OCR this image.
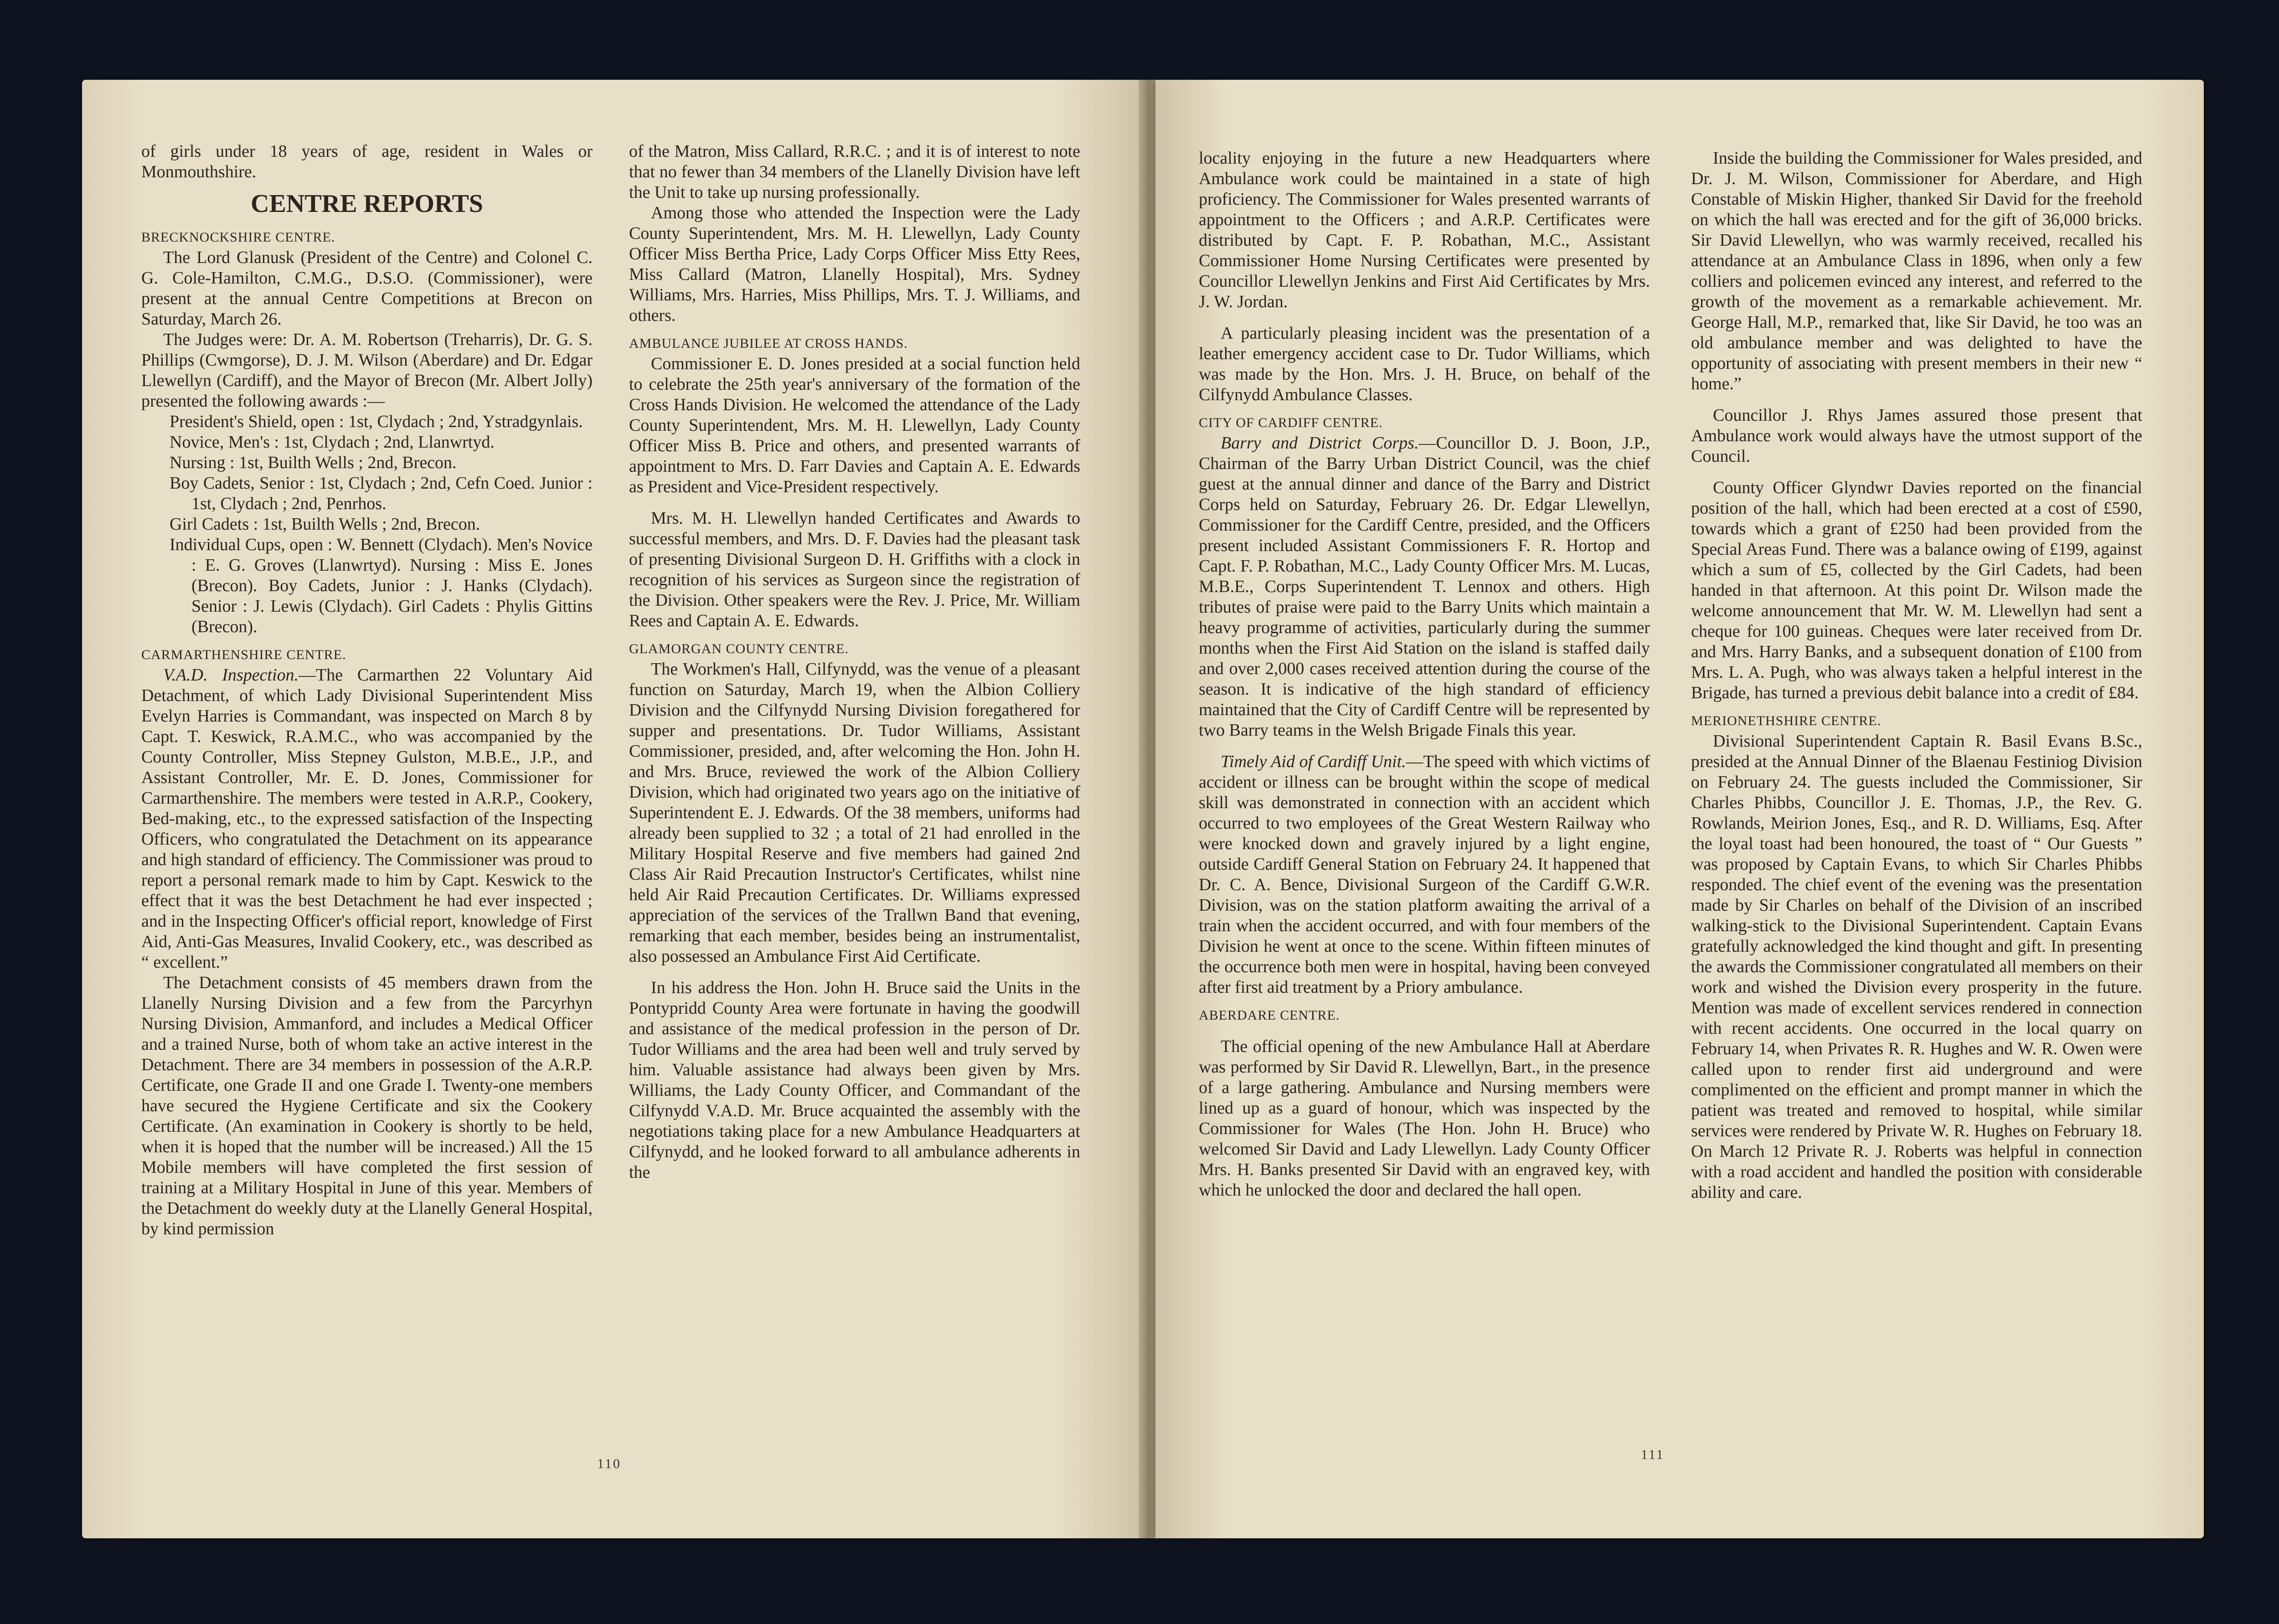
of girls under 18 years of age, resident in Wales or Monmouthshire.

CENTRE REPORTS

BRECKNOCKSHIRE CENTRE.

The Lord Glanusk (President of the Centre) and Colonel C. G. Cole-Hamilton, C.M.G., D.S.O. (Commissioner), were present at the annual Centre Competitions at Brecon on Saturday, March 26.

The Judges were: Dr. A. M. Robertson (Treharris), Dr. G. S. Phillips (Cwmgorse), D. J. M. Wilson (Aberdare) and Dr. Edgar Llewellyn (Cardiff), and the Mayor of Brecon (Mr. Albert Jolly) presented the following awards :—

President's Shield, open : 1st, Clydach ; 2nd, Ystradgynlais.

Novice, Men's : 1st, Clydach ; 2nd, Llanwrtyd.

Nursing : 1st, Builth Wells ; 2nd, Brecon.

Boy Cadets, Senior : 1st, Clydach ; 2nd, Cefn Coed. Junior : 1st, Clydach ; 2nd, Penrhos.

Girl Cadets : 1st, Builth Wells ; 2nd, Brecon.

Individual Cups, open : W. Bennett (Clydach). Men's Novice : E. G. Groves (Llanwrtyd). Nursing : Miss E. Jones (Brecon). Boy Cadets, Junior : J. Hanks (Clydach). Senior : J. Lewis (Clydach). Girl Cadets : Phylis Gittins (Brecon).

CARMARTHENSHIRE CENTRE.

V.A.D. Inspection.—The Carmarthen 22 Voluntary Aid Detachment, of which Lady Divisional Superintendent Miss Evelyn Harries is Commandant, was inspected on March 8 by Capt. T. Keswick, R.A.M.C., who was accompanied by the County Controller, Miss Stepney Gulston, M.B.E., J.P., and Assistant Controller, Mr. E. D. Jones, Commissioner for Carmarthenshire. The members were tested in A.R.P., Cookery, Bed-making, etc., to the expressed satisfaction of the Inspecting Officers, who congratulated the Detachment on its appearance and high standard of efficiency. The Commissioner was proud to report a personal remark made to him by Capt. Keswick to the effect that it was the best Detachment he had ever inspected ; and in the Inspecting Officer's official report, knowledge of First Aid, Anti-Gas Measures, Invalid Cookery, etc., was described as “ excellent.”

The Detachment consists of 45 members drawn from the Llanelly Nursing Division and a few from the Parcyrhyn Nursing Division, Ammanford, and includes a Medical Officer and a trained Nurse, both of whom take an active interest in the Detachment. There are 34 members in possession of the A.R.P. Certificate, one Grade II and one Grade I. Twenty-one members have secured the Hygiene Certificate and six the Cookery Certificate. (An examination in Cookery is shortly to be held, when it is hoped that the number will be increased.) All the 15 Mobile members will have completed the first session of training at a Military Hospital in June of this year. Members of the Detachment do weekly duty at the Llanelly General Hospital, by kind permission

of the Matron, Miss Callard, R.R.C. ; and it is of interest to note that no fewer than 34 members of the Llanelly Division have left the Unit to take up nursing professionally.

Among those who attended the Inspection were the Lady County Superintendent, Mrs. M. H. Llewellyn, Lady County Officer Miss Bertha Price, Lady Corps Officer Miss Etty Rees, Miss Callard (Matron, Llanelly Hospital), Mrs. Sydney Williams, Mrs. Harries, Miss Phillips, Mrs. T. J. Williams, and others.

AMBULANCE JUBILEE AT CROSS HANDS.

Commissioner E. D. Jones presided at a social function held to celebrate the 25th year's anniversary of the formation of the Cross Hands Division. He welcomed the attendance of the Lady County Superintendent, Mrs. M. H. Llewellyn, Lady County Officer Miss B. Price and others, and presented warrants of appointment to Mrs. D. Farr Davies and Captain A. E. Edwards as President and Vice-President respectively.

Mrs. M. H. Llewellyn handed Certificates and Awards to successful members, and Mrs. D. F. Davies had the pleasant task of presenting Divisional Surgeon D. H. Griffiths with a clock in recognition of his services as Surgeon since the registration of the Division. Other speakers were the Rev. J. Price, Mr. William Rees and Captain A. E. Edwards.

GLAMORGAN COUNTY CENTRE.

The Workmen's Hall, Cilfynydd, was the venue of a pleasant function on Saturday, March 19, when the Albion Colliery Division and the Cilfynydd Nursing Division foregathered for supper and presentations. Dr. Tudor Williams, Assistant Commissioner, presided, and, after welcoming the Hon. John H. and Mrs. Bruce, reviewed the work of the Albion Colliery Division, which had originated two years ago on the initiative of Superintendent E. J. Edwards. Of the 38 members, uniforms had already been supplied to 32 ; a total of 21 had enrolled in the Military Hospital Reserve and five members had gained 2nd Class Air Raid Precaution Instructor's Certificates, whilst nine held Air Raid Precaution Certificates. Dr. Williams expressed appreciation of the services of the Trallwn Band that evening, remarking that each member, besides being an instrumentalist, also possessed an Ambulance First Aid Certificate.

In his address the Hon. John H. Bruce said the Units in the Pontypridd County Area were fortunate in having the goodwill and assistance of the medical profession in the person of Dr. Tudor Williams and the area had been well and truly served by him. Valuable assistance had always been given by Mrs. Williams, the Lady County Officer, and Commandant of the Cilfynydd V.A.D. Mr. Bruce acquainted the assembly with the negotiations taking place for a new Ambulance Headquarters at Cilfynydd, and he looked forward to all ambulance adherents in the

110

locality enjoying in the future a new Headquarters where Ambulance work could be maintained in a state of high proficiency. The Commissioner for Wales presented warrants of appointment to the Officers ; and A.R.P. Certificates were distributed by Capt. F. P. Robathan, M.C., Assistant Commissioner Home Nursing Certificates were presented by Councillor Llewellyn Jenkins and First Aid Certificates by Mrs. J. W. Jordan.

A particularly pleasing incident was the presentation of a leather emergency accident case to Dr. Tudor Williams, which was made by the Hon. Mrs. J. H. Bruce, on behalf of the Cilfynydd Ambulance Classes.

CITY OF CARDIFF CENTRE.

Barry and District Corps.—Councillor D. J. Boon, J.P., Chairman of the Barry Urban District Council, was the chief guest at the annual dinner and dance of the Barry and District Corps held on Saturday, February 26. Dr. Edgar Llewellyn, Commissioner for the Cardiff Centre, presided, and the Officers present included Assistant Commissioners F. R. Hortop and Capt. F. P. Robathan, M.C., Lady County Officer Mrs. M. Lucas, M.B.E., Corps Superintendent T. Lennox and others. High tributes of praise were paid to the Barry Units which maintain a heavy programme of activities, particularly during the summer months when the First Aid Station on the island is staffed daily and over 2,000 cases received attention during the course of the season. It is indicative of the high standard of efficiency maintained that the City of Cardiff Centre will be represented by two Barry teams in the Welsh Brigade Finals this year.

Timely Aid of Cardiff Unit.—The speed with which victims of accident or illness can be brought within the scope of medical skill was demonstrated in connection with an accident which occurred to two employees of the Great Western Railway who were knocked down and gravely injured by a light engine, outside Cardiff General Station on February 24. It happened that Dr. C. A. Bence, Divisional Surgeon of the Cardiff G.W.R. Division, was on the station platform awaiting the arrival of a train when the accident occurred, and with four members of the Division he went at once to the scene. Within fifteen minutes of the occurrence both men were in hospital, having been conveyed after first aid treatment by a Priory ambulance.

ABERDARE CENTRE.

The official opening of the new Ambulance Hall at Aberdare was performed by Sir David R. Llewellyn, Bart., in the presence of a large gathering. Ambulance and Nursing members were lined up as a guard of honour, which was inspected by the Commissioner for Wales (The Hon. John H. Bruce) who welcomed Sir David and Lady Llewellyn. Lady County Officer Mrs. H. Banks presented Sir David with an engraved key, with which he unlocked the door and declared the hall open.

Inside the building the Commissioner for Wales presided, and Dr. J. M. Wilson, Commissioner for Aberdare, and High Constable of Miskin Higher, thanked Sir David for the freehold on which the hall was erected and for the gift of 36,000 bricks. Sir David Llewellyn, who was warmly received, recalled his attendance at an Ambulance Class in 1896, when only a few colliers and policemen evinced any interest, and referred to the growth of the movement as a remarkable achievement. Mr. George Hall, M.P., remarked that, like Sir David, he too was an old ambulance member and was delighted to have the opportunity of associating with present members in their new “ home.”

Councillor J. Rhys James assured those present that Ambulance work would always have the utmost support of the Council.

County Officer Glyndwr Davies reported on the financial position of the hall, which had been erected at a cost of £590, towards which a grant of £250 had been provided from the Special Areas Fund. There was a balance owing of £199, against which a sum of £5, collected by the Girl Cadets, had been handed in that afternoon. At this point Dr. Wilson made the welcome announcement that Mr. W. M. Llewellyn had sent a cheque for 100 guineas. Cheques were later received from Dr. and Mrs. Harry Banks, and a subsequent donation of £100 from Mrs. L. A. Pugh, who was always taken a helpful interest in the Brigade, has turned a previous debit balance into a credit of £84.

MERIONETHSHIRE CENTRE.

Divisional Superintendent Captain R. Basil Evans B.Sc., presided at the Annual Dinner of the Blaenau Festiniog Division on February 24. The guests included the Commissioner, Sir Charles Phibbs, Councillor J. E. Thomas, J.P., the Rev. G. Rowlands, Meirion Jones, Esq., and R. D. Williams, Esq. After the loyal toast had been honoured, the toast of “ Our Guests ” was proposed by Captain Evans, to which Sir Charles Phibbs responded. The chief event of the evening was the presentation made by Sir Charles on behalf of the Division of an inscribed walking-stick to the Divisional Superintendent. Captain Evans gratefully acknowledged the kind thought and gift. In presenting the awards the Commissioner congratulated all members on their work and wished the Division every prosperity in the future. Mention was made of excellent services rendered in connection with recent accidents. One occurred in the local quarry on February 14, when Privates R. R. Hughes and W. R. Owen were called upon to render first aid underground and were complimented on the efficient and prompt manner in which the patient was treated and removed to hospital, while similar services were rendered by Private W. R. Hughes on February 18. On March 12 Private R. J. Roberts was helpful in connection with a road accident and handled the position with considerable ability and care.

111
